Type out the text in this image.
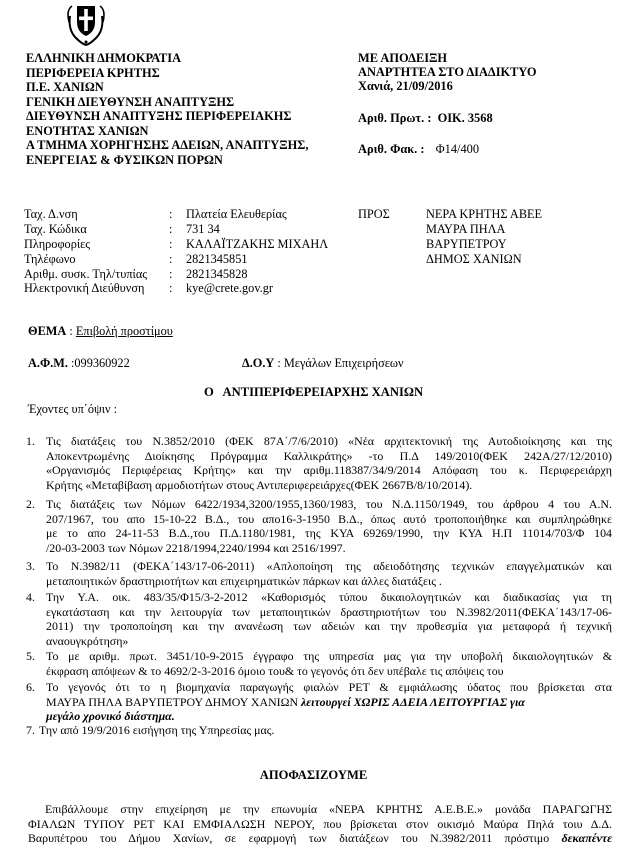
ΕΛΛΗΝΙΚΗ ΔΗΜΟΚΡΑΤΙΑ
ΠΕΡΙΦΕΡΕΙΑ ΚΡΗΤΗΣ
Π.Ε. ΧΑΝΙΩΝ
ΓΕΝΙΚΗ ΔΙΕΥΘΥΝΣΗ ΑΝΑΠΤΥΞΗΣ
ΔΙΕΥΘΥΝΣΗ ΑΝΑΠΤΥΞΗΣ ΠΕΡΙΦΕΡΕΙΑΚΗΣ
ΕΝΟΤΗΤΑΣ ΧΑΝΙΩΝ
Α ΤΜΗΜΑ ΧΟΡΗΓΗΣΗΣ ΑΔΕΙΩΝ, ΑΝΑΠΤΥΞΗΣ,
ΕΝΕΡΓΕΙΑΣ & ΦΥΣΙΚΩΝ ΠΟΡΩΝ
ΜΕ ΑΠΟΔΕΙΞΗ
ΑΝΑΡΤΗΤΕΑ ΣΤΟ ΔΙΑΔΙΚΤΥΟ
Χανιά, 21/09/2016
Αριθ. Πρωτ. : ΟΙΚ. 3568
Αριθ. Φακ. : Φ14/400
Ταχ. Δ.νση	: Πλατεία Ελευθερίας
Ταχ. Κώδικα	: 731 34
Πληροφορίες	: ΚΑΛΑΪΤΖΑΚΗΣ ΜΙΧΑΗΛ
Τηλέφωνο	: 2821345851
Αριθμ. συσκ. Τηλ/τυπίας : 2821345828
Ηλεκτρονική Διεύθυνση : kye@crete.gov.gr
ΠΡΟΣ	ΝΕΡΑ ΚΡΗΤΗΣ ΑΒΕΕ
ΜΑΥΡΑ ΠΗΛΑ
ΒΑΡΥΠΕΤΡΟΥ
ΔΗΜΟΣ ΧΑΝΙΩΝ
ΘΕΜΑ : Επιβολή προστίμου
Α.Φ.Μ. :099360922	Δ.Ο.Υ : Μεγάλων Επιχειρήσεων
Ο   ΑΝΤΙΠΕΡΙΦΕΡΕΙΑΡΧΗΣ ΧΑΝΙΩΝ
Έχοντες υπ΄όψιν :
1. Τις διατάξεις του Ν.3852/2010 (ΦΕΚ 87Α΄/7/6/2010) «Νέα αρχιτεκτονική της Αυτοδιοίκησης και της
Αποκεντρωμένης Διοίκησης Πρόγραμμα Καλλικράτης» -το Π.Δ 149/2010(ΦΕΚ 242Α/27/12/2010)
«Οργανισμός Περιφέρειας Κρήτης» και την αριθμ.118387/34/9/2014 Απόφαση του κ. Περιφερειάρχη
Κρήτης «Μεταβίβαση αρμοδιοτήτων στους Αντιπεριφερειάρχες(ΦΕΚ 2667Β/8/10/2014).
2. Τις διατάξεις των Νόμων 6422/1934,3200/1955,1360/1983, του Ν.Δ.1150/1949, του άρθρου 4 του Α.Ν.
207/1967, του απο 15-10-22 Β.Δ., του απο16-3-1950 Β.Δ., όπως αυτό τροποποιήθηκε και συμπληρώθηκε
με το απο 24-11-53 Β.Δ.,του Π.Δ.1180/1981, της ΚΥΑ 69269/1990, την ΚΥΑ Η.Π 11014/703/Φ 104
/20-03-2003 των Νόμων 2218/1994,2240/1994 και 2516/1997.
3. To N.3982/11 (ΦΕΚΑ΄143/17-06-2011) «Απλοποίηση της αδειοδότησης τεχνικών επαγγελματικών και
μεταποιητικών δραστηριοτήτων και επιχειρηματικών πάρκων και άλλες διατάξεις .
4. Την Υ.Α. οικ. 483/35/Φ15/3-2-2012 «Καθορισμός τύπου δικαιολογητικών και διαδικασίας για τη
εγκατάσταση και την λειτουργία των μεταποιητικών δραστηριοτήτων του Ν.3982/2011(ΦΕΚΑ΄143/17-06-
2011) την τροποποίηση και την ανανέωση των αδειών και την προθεσμία για μεταφορά ή τεχνική
αναουγκρότηση»
5. Το με αριθμ. πρωτ. 3451/10-9-2015 έγγραφο της υπηρεσία μας για την υποβολή δικαιολογητικών &
έκφραση απόψεων & το 4692/2-3-2016 όμοιο του& το γεγονός ότι δεν υπέβαλε τις απόψεις του
6. Το γεγονός ότι το η βιομηχανία παραγωγής φιαλών PET & εμφιάλωσης ύδατος που βρίσκεται στα
ΜΑΥΡΑ ΠΗΛΑ ΒΑΡΥΠΕΤΡΟΥ ΔΗΜΟΥ ΧΑΝΙΩΝ λειτουργεί ΧΩΡΙΣ ΑΔΕΙΑ ΛΕΙΤΟΥΡΓΙΑΣ για
μεγάλο χρονικό διάστημα.
7. Την από 19/9/2016 εισήγηση της Υπηρεσίας μας.
ΑΠΟΦΑΣΙΖΟΥΜΕ
Επιβάλλουμε στην επιχείρηση με την επωνυμία «ΝΕΡΑ ΚΡΗΤΗΣ Α.Ε.Β.Ε.» μονάδα ΠΑΡΑΓΩΓΗΣ
ΦΙΑΛΩΝ ΤΥΠΟΥ PET ΚΑΙ ΕΜΦΙΑΛΩΣΗ ΝΕΡΟΥ, που βρίσκεται στον οικισμό Μαύρα Πηλά τοιυ Δ.Δ.
Βαρυπέτρου του Δήμου Χανίων, σε εφαρμογή των διατάξεων του Ν.3982/2011 πρόστιμο δεκαπέντε
